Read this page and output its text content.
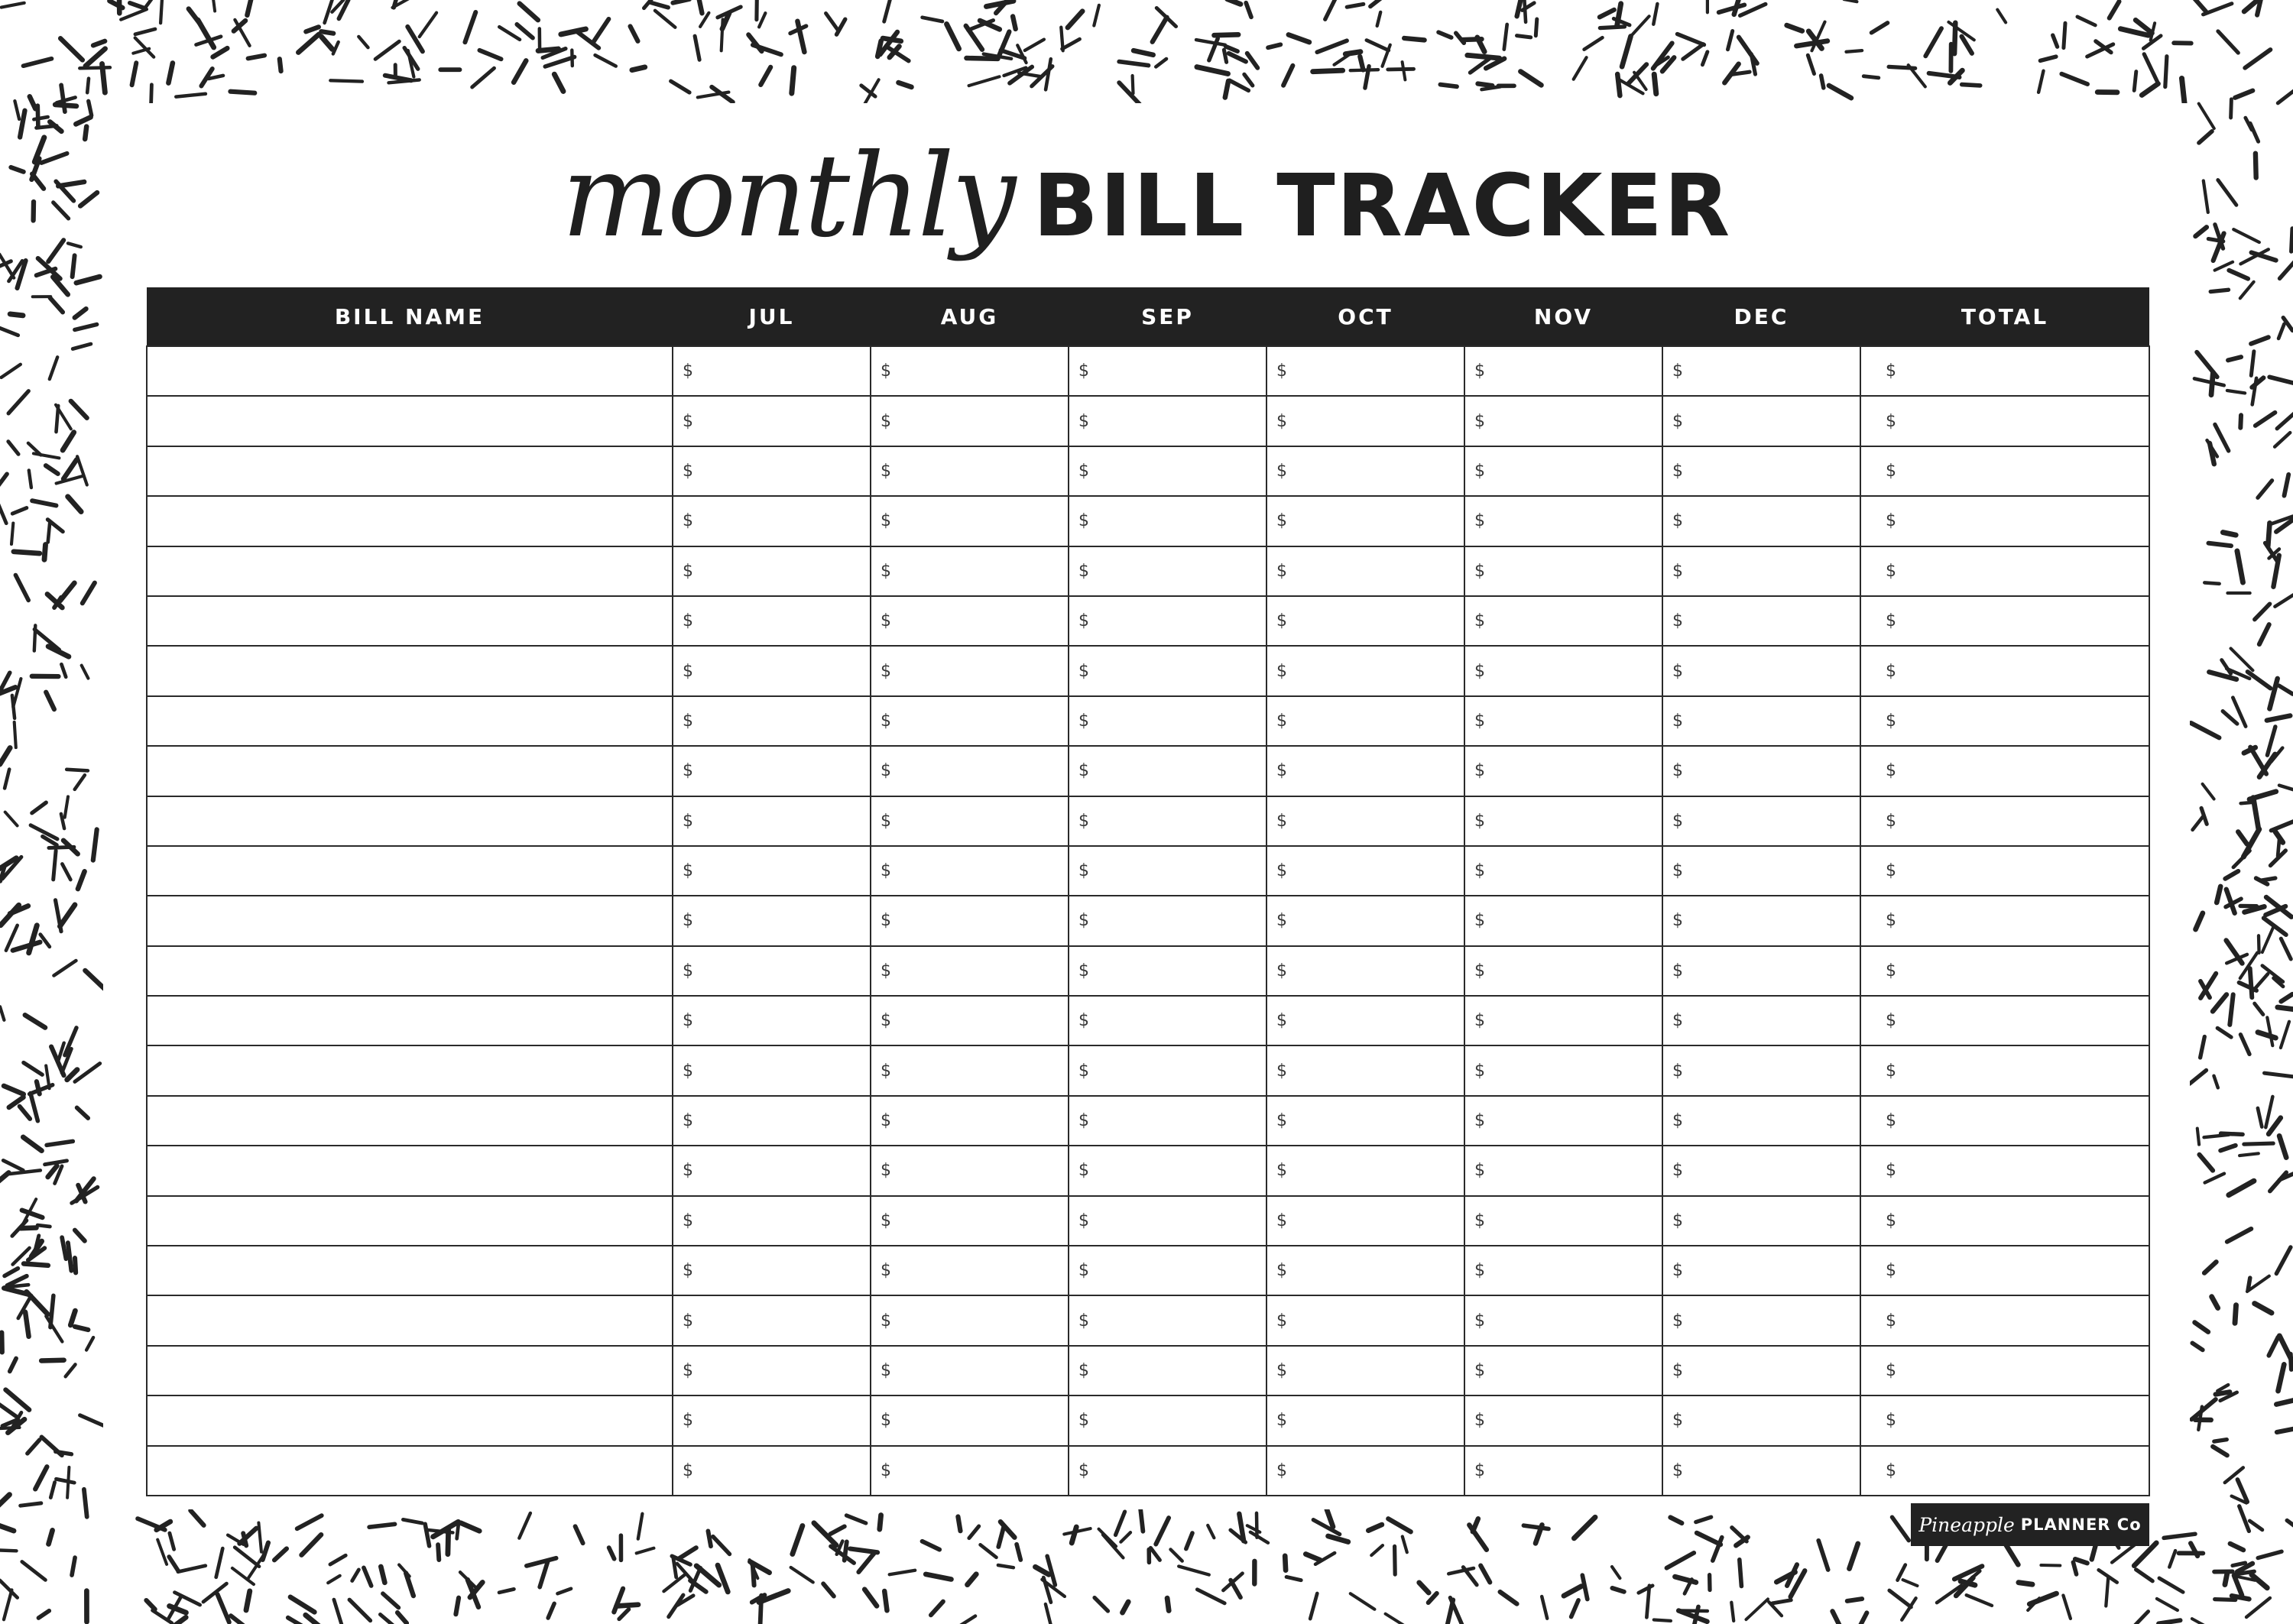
monthly BILL TRACKER
BILL NAME	JUL	AUG	SEP	OCT	NOV	DEC	TOTAL
	$	$	$	$	$	$	$
	$	$	$	$	$	$	$
	$	$	$	$	$	$	$
	$	$	$	$	$	$	$
	$	$	$	$	$	$	$
	$	$	$	$	$	$	$
	$	$	$	$	$	$	$
	$	$	$	$	$	$	$
	$	$	$	$	$	$	$
	$	$	$	$	$	$	$
	$	$	$	$	$	$	$
	$	$	$	$	$	$	$
	$	$	$	$	$	$	$
	$	$	$	$	$	$	$
	$	$	$	$	$	$	$
	$	$	$	$	$	$	$
	$	$	$	$	$	$	$
	$	$	$	$	$	$	$
	$	$	$	$	$	$	$
	$	$	$	$	$	$	$
	$	$	$	$	$	$	$
	$	$	$	$	$	$	$
	$	$	$	$	$	$	$
Pineapple PLANNER Co
